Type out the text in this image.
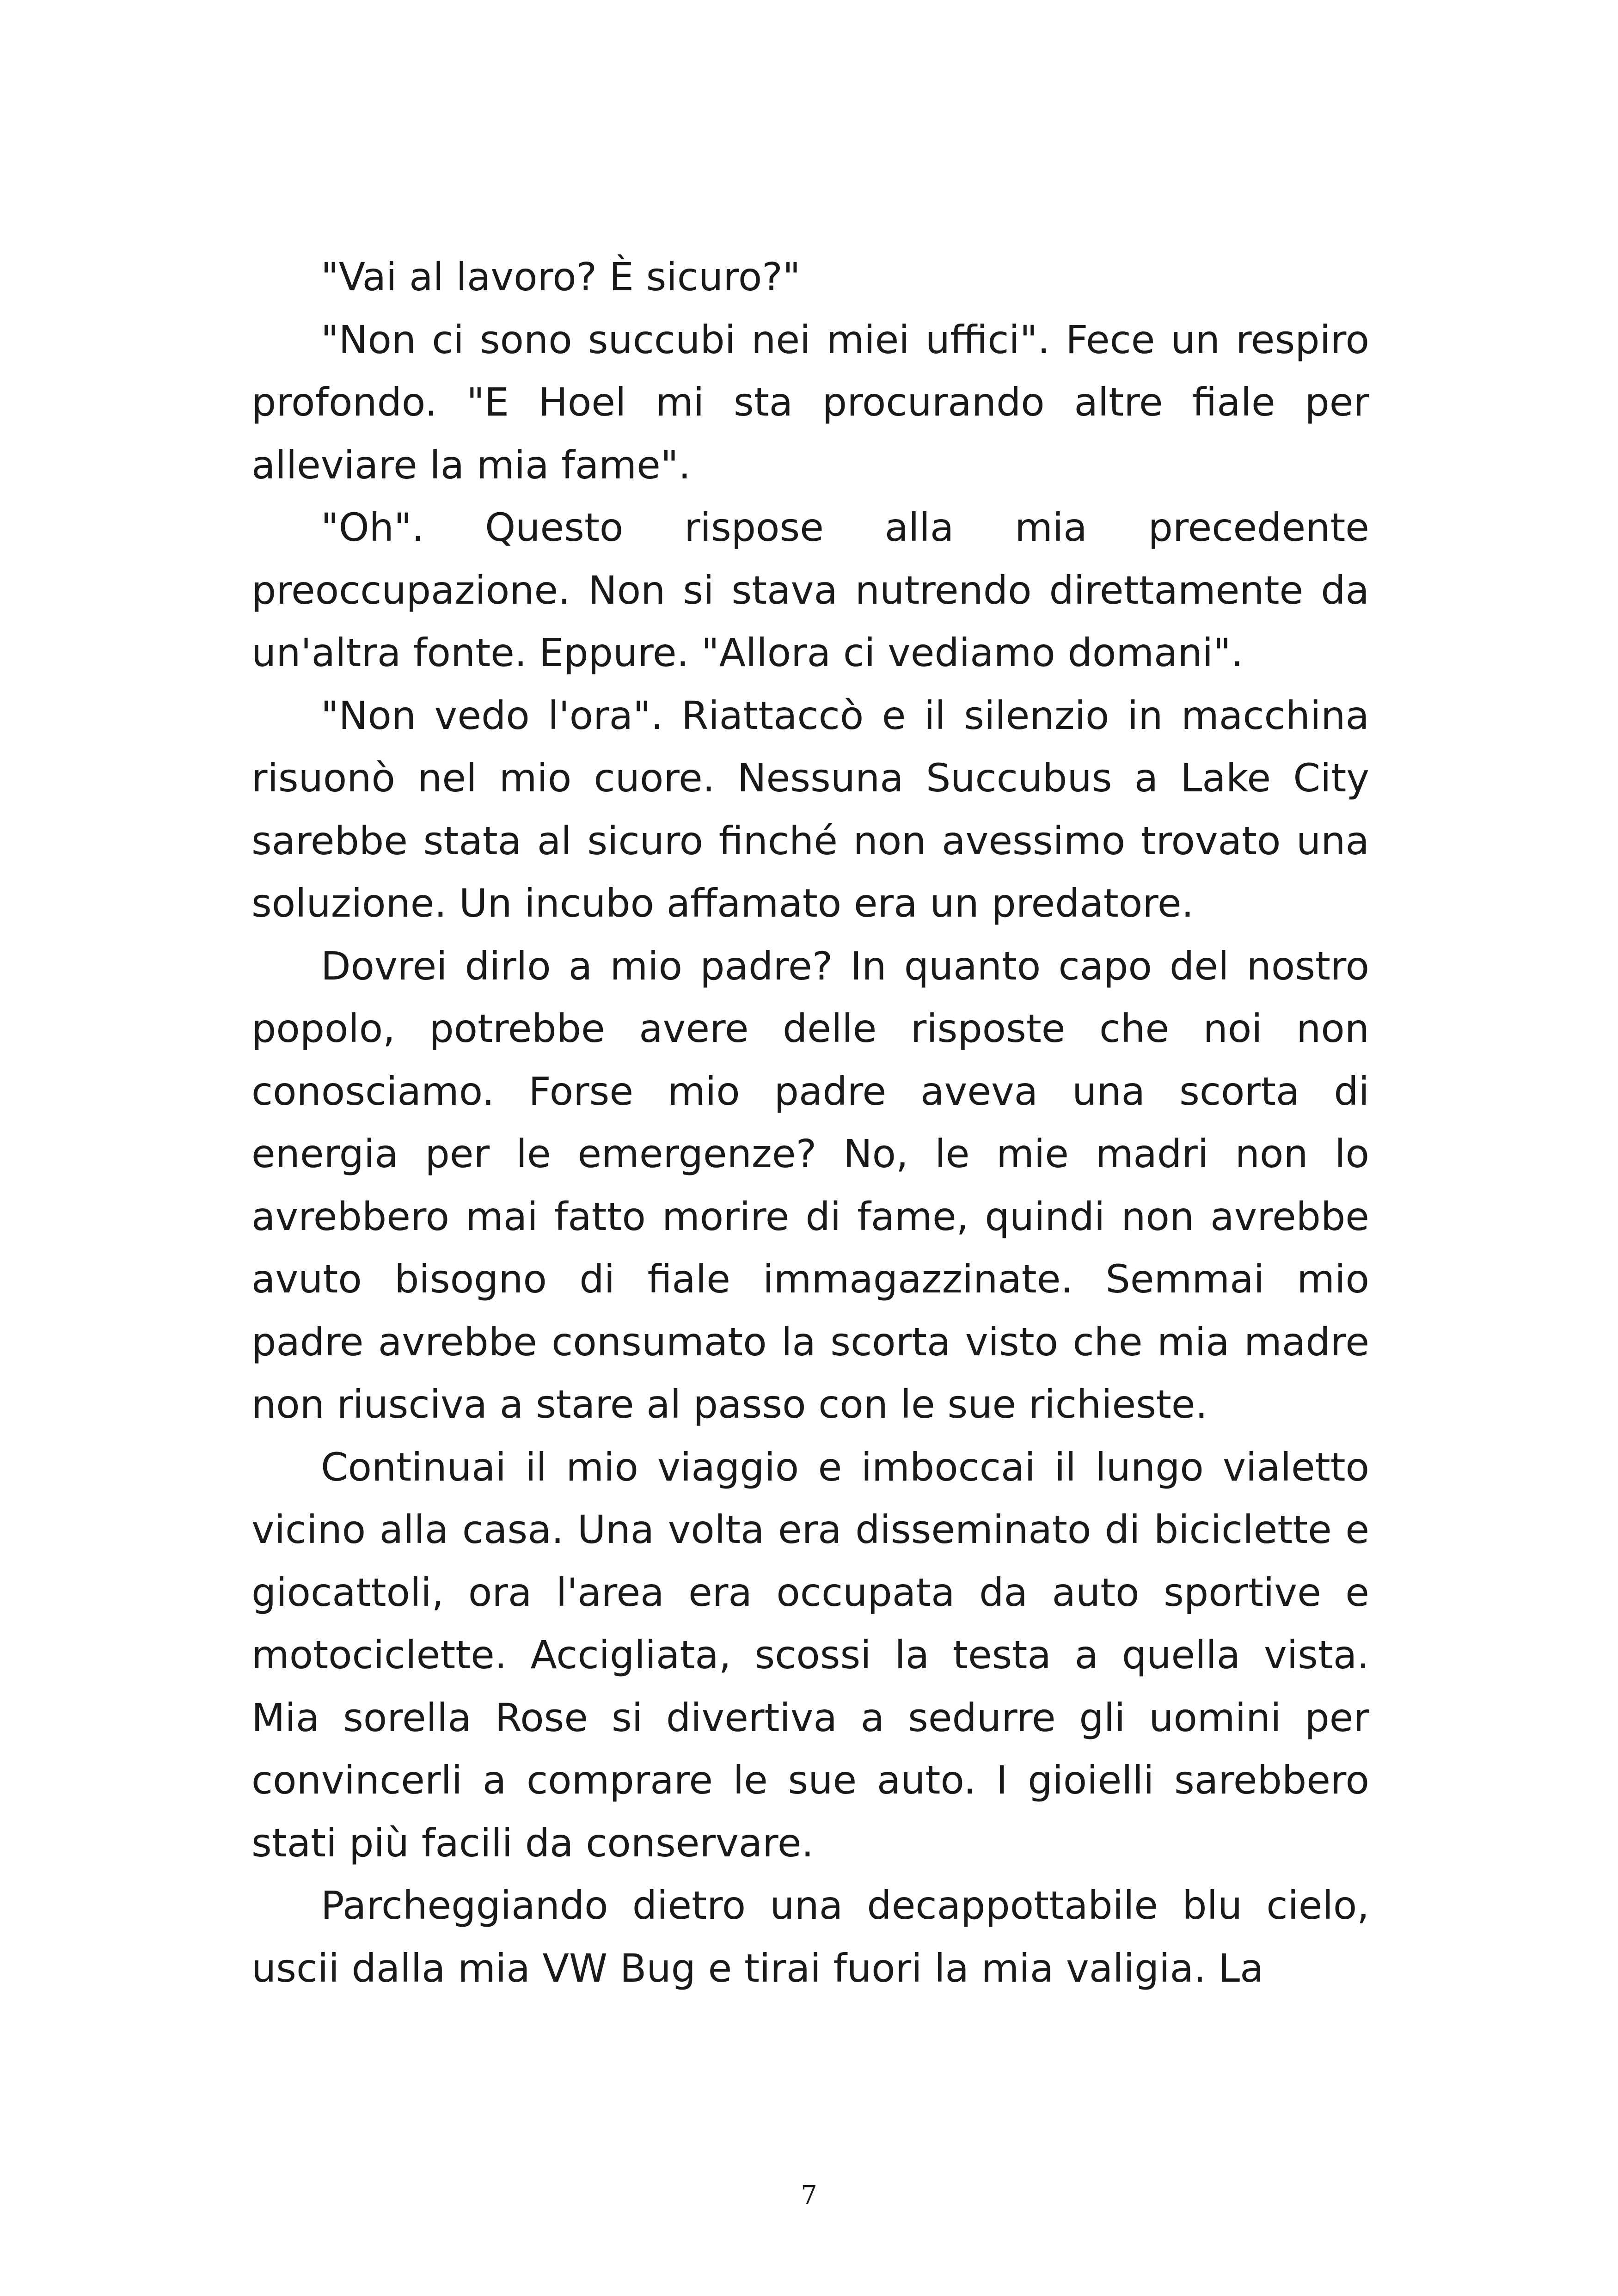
"Vai al lavoro? È sicuro?"

"Non ci sono succubi nei miei uffici". Fece un respiro profondo. "E Hoel mi sta procurando altre fiale per alleviare la mia fame".

"Oh". Questo rispose alla mia precedente preoccupazione. Non si stava nutrendo direttamente da un'altra fonte. Eppure. "Allora ci vediamo domani".

"Non vedo l'ora". Riattaccò e il silenzio in macchina risuonò nel mio cuore. Nessuna Succubus a Lake City sarebbe stata al sicuro finché non avessimo trovato una soluzione. Un incubo affamato era un predatore.

Dovrei dirlo a mio padre? In quanto capo del nostro popolo, potrebbe avere delle risposte che noi non conosciamo. Forse mio padre aveva una scorta di energia per le emergenze? No, le mie madri non lo avrebbero mai fatto morire di fame, quindi non avrebbe avuto bisogno di fiale immagazzinate. Semmai mio padre avrebbe consumato la scorta visto che mia madre non riusciva a stare al passo con le sue richieste.

Continuai il mio viaggio e imboccai il lungo vialetto vicino alla casa. Una volta era disseminato di biciclette e giocattoli, ora l'area era occupata da auto sportive e motociclette. Accigliata, scossi la testa a quella vista. Mia sorella Rose si divertiva a sedurre gli uomini per convincerli a comprare le sue auto. I gioielli sarebbero stati più facili da conservare.

Parcheggiando dietro una decappottabile blu cielo, uscii dalla mia VW Bug e tirai fuori la mia valigia. La

7
